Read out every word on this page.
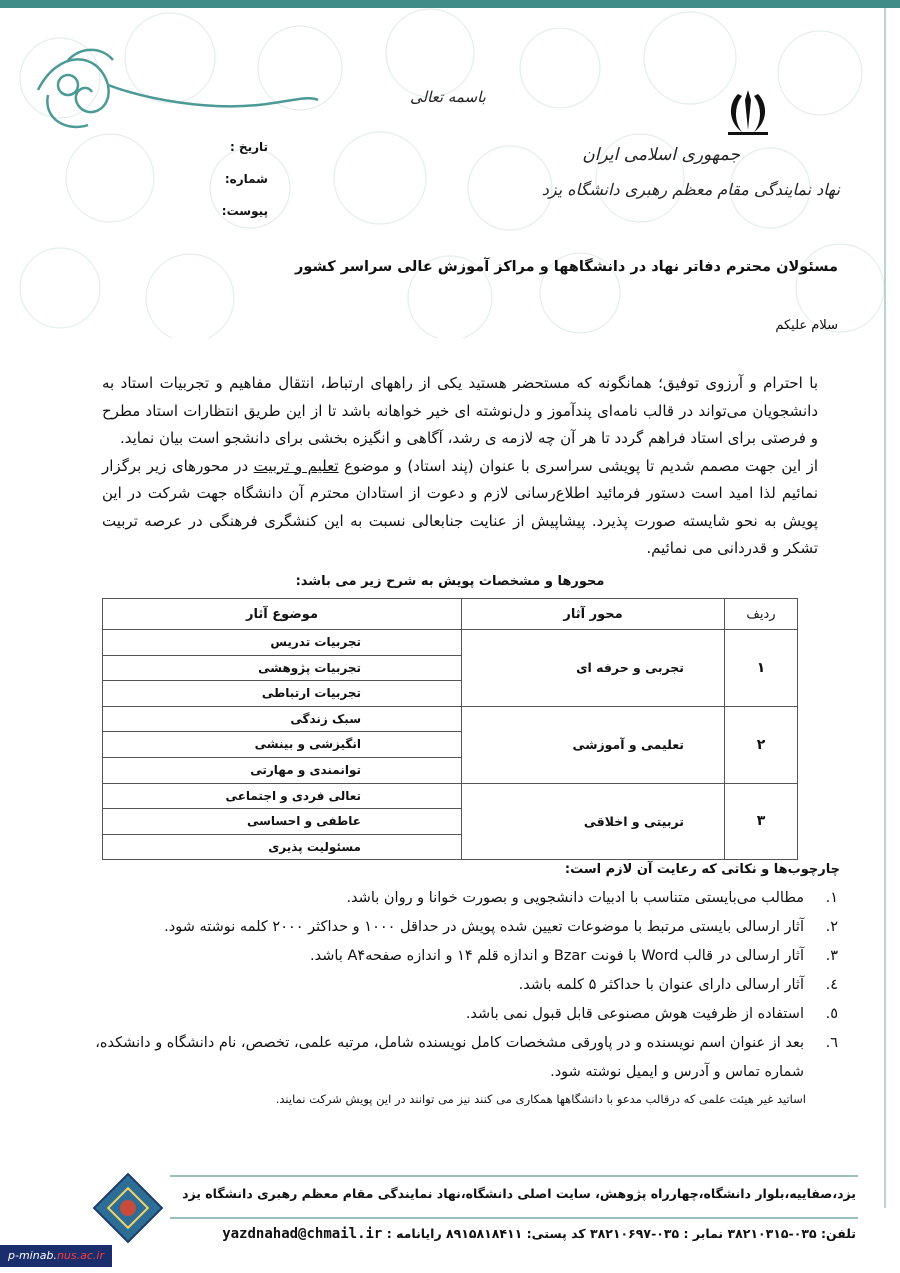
باسمه تعالی
جمهوری اسلامی ایران
نهاد نمایندگی مقام معظم رهبری دانشگاه یزد
تاریخ :
شماره:
پیوست:
مسئولان محترم دفاتر نهاد در دانشگاهها و مراکز آموزش عالی سراسر کشور
سلام علیکم

با احترام و آرزوی توفیق؛ همانگونه که مستحضر هستید یکی از راههای ارتباط، انتقال مفاهیم و تجربیات استاد به دانشجویان می‌تواند در قالب نامه‌ای پندآموز و دل‌نوشته ای خیر خواهانه باشد تا از این طریق انتظارات استاد مطرح و فرصتی برای استاد فراهم گردد تا هر آن چه لازمه ی رشد، آگاهی و انگیزه بخشی برای دانشجو است بیان نماید.

از این جهت مصمم شدیم تا پویشی سراسری با عنوان (پند استاد) و موضوع تعلیم و تربیت در محورهای زیر برگزار نمائیم لذا امید است دستور فرمائید اطلاع‌رسانی لازم و دعوت از استادان محترم آن دانشگاه جهت شرکت در این پویش به نحو شایسته صورت پذیرد. پیشاپیش از عنایت جنابعالی نسبت به این کنشگری فرهنگی در عرصه تربیت تشکر و قدردانی می نمائیم.

محورها و مشخصات پویش به شرح زیر می باشد:
ردیف	محور آثار	موضوع آثار
۱	تجربی و حرفه ای	تجربیات تدریس
تجربیات پژوهشی
تجربیات ارتباطی

۲	تعلیمی و آموزشی	سبک زندگی
انگیزشی و بینشی
توانمندی و مهارتی

۳	تربیتی و اخلاقی	تعالی فردی و اجتماعی
عاطفی و احساسی
مسئولیت پذیری
چارچوب‌ها و نکاتی که رعایت آن لازم است:
۱.
مطالب می‌بایستی متناسب با ادبیات دانشجویی و بصورت خوانا و روان باشد.
۲.
آثار ارسالی بایستی مرتبط با موضوعات تعیین شده پویش در حداقل ۱۰۰۰ و حداکثر ۲۰۰۰ کلمه نوشته شود.
۳.
آثار ارسالی در قالب Word با فونت Bzar و اندازه قلم ۱۴ و اندازه صفحهA۴ باشد.
٤.
آثار ارسالی دارای عنوان با حداکثر ۵ کلمه باشد.
٥.
استفاده از ظرفیت هوش مصنوعی قابل قبول نمی باشد.
٦.
بعد از عنوان اسم نویسنده و در پاورقی مشخصات کامل نویسنده شامل، مرتبه علمی، تخصص، نام دانشگاه و دانشکده، شماره تماس و آدرس و ایمیل نوشته شود.
اساتید غیر هیئت علمی که درقالب مدعو با دانشگاهها همکاری می کنند نیز می توانند در این پویش شرکت نمایند.
یزد،صفاییه،بلوار دانشگاه،چهارراه پژوهش، سایت اصلی دانشگاه،نهاد نمایندگی مقام معظم رهبری دانشگاه یزد
تلفن: ۰۳۵-۳۸۲۱۰۳۱۵ نمابر : ۰۳۵-۳۸۲۱۰۶۹۷ کد پستی: ۸۹۱۵۸۱۸۴۱۱ رایانامه : yazdnahad@chmail.ir
p-minab.nus.ac.ir
